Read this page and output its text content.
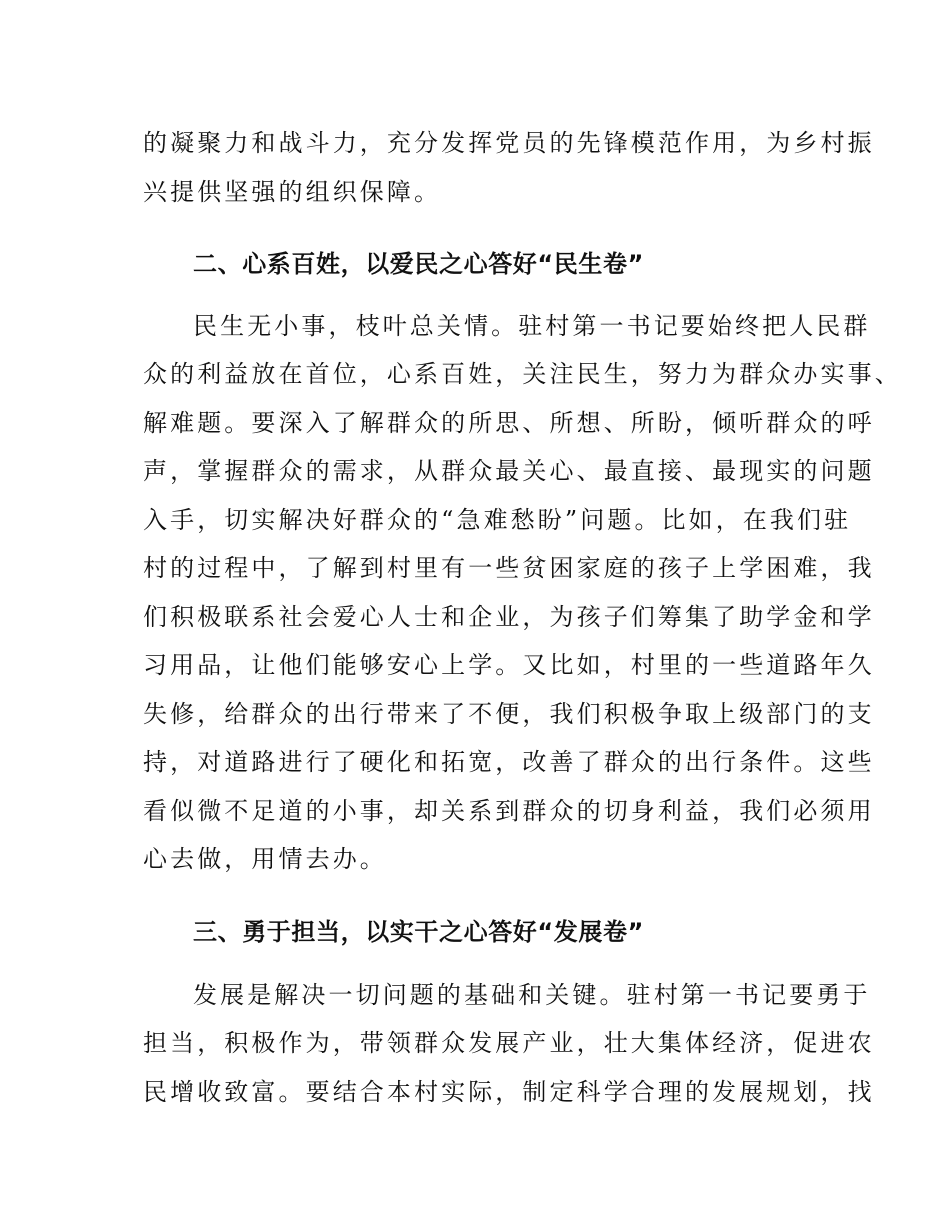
的凝聚力和战斗力，充分发挥党员的先锋模范作用，为乡村振
兴提供坚强的组织保障。
二、心系百姓，以爱民之心答好“民生卷”
民生无小事，枝叶总关情。驻村第一书记要始终把人民群
众的利益放在首位，心系百姓，关注民生，努力为群众办实事、
解难题。要深入了解群众的所思、所想、所盼，倾听群众的呼
声，掌握群众的需求，从群众最关心、最直接、最现实的问题
入手，切实解决好群众的“急难愁盼”问题。比如，在我们驻
村的过程中，了解到村里有一些贫困家庭的孩子上学困难，我
们积极联系社会爱心人士和企业，为孩子们筹集了助学金和学
习用品，让他们能够安心上学。又比如，村里的一些道路年久
失修，给群众的出行带来了不便，我们积极争取上级部门的支
持，对道路进行了硬化和拓宽，改善了群众的出行条件。这些
看似微不足道的小事，却关系到群众的切身利益，我们必须用
心去做，用情去办。
三、勇于担当，以实干之心答好“发展卷”
发展是解决一切问题的基础和关键。驻村第一书记要勇于
担当，积极作为，带领群众发展产业，壮大集体经济，促进农
民增收致富。要结合本村实际，制定科学合理的发展规划，找
